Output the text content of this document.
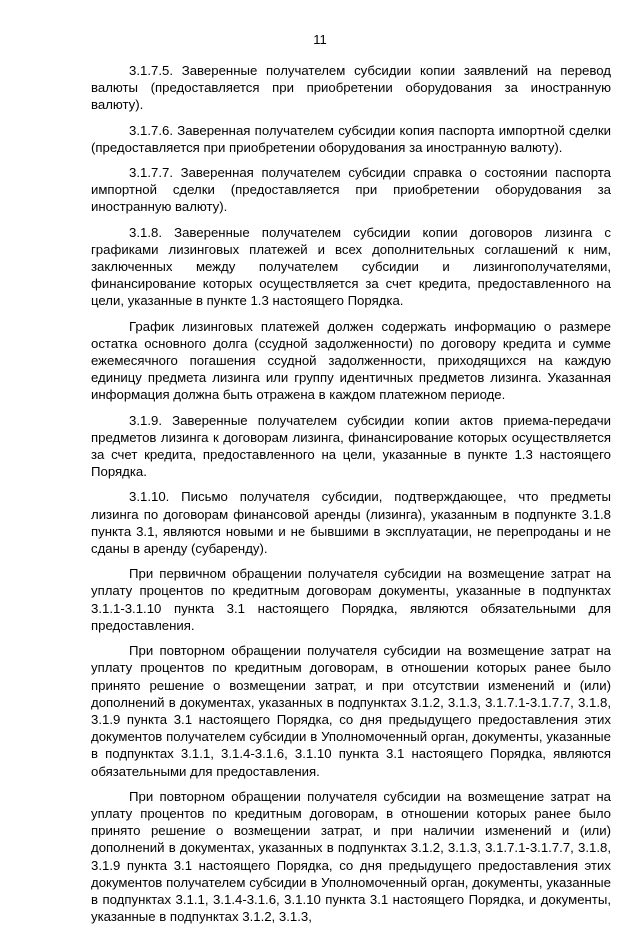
11

3.1.7.5. Заверенные получателем субсидии копии заявлений на перевод валюты (предоставляется при приобретении оборудования за иностранную валюту).

3.1.7.6. Заверенная получателем субсидии копия паспорта импортной сделки (предоставляется при приобретении оборудования за иностранную валюту).

3.1.7.7. Заверенная получателем субсидии справка о состоянии паспорта импортной сделки (предоставляется при приобретении оборудования за иностранную валюту).

3.1.8. Заверенные получателем субсидии копии договоров лизинга с графиками лизинговых платежей и всех дополнительных соглашений к ним, заключенных между получателем субсидии и лизингополучателями, финансирование которых осуществляется за счет кредита, предоставленного на цели, указанные в пункте 1.3 настоящего Порядка.

График лизинговых платежей должен содержать информацию о размере остатка основного долга (ссудной задолженности) по договору кредита и сумме ежемесячного погашения ссудной задолженности, приходящихся на каждую единицу предмета лизинга или группу идентичных предметов лизинга. Указанная информация должна быть отражена в каждом платежном периоде.

3.1.9. Заверенные получателем субсидии копии актов приема-передачи предметов лизинга к договорам лизинга, финансирование которых осуществляется за счет кредита, предоставленного на цели, указанные в пункте 1.3 настоящего Порядка.

3.1.10. Письмо получателя субсидии, подтверждающее, что предметы лизинга по договорам финансовой аренды (лизинга), указанным в подпункте 3.1.8 пункта 3.1, являются новыми и не бывшими в эксплуатации, не перепроданы и не сданы в аренду (субаренду).

При первичном обращении получателя субсидии на возмещение затрат на уплату процентов по кредитным договорам документы, указанные в подпунктах 3.1.1-3.1.10 пункта 3.1 настоящего Порядка, являются обязательными для предоставления.

При повторном обращении получателя субсидии на возмещение затрат на уплату процентов по кредитным договорам, в отношении которых ранее было принято решение о возмещении затрат, и при отсутствии изменений и (или) дополнений в документах, указанных в подпунктах 3.1.2, 3.1.3, 3.1.7.1-3.1.7.7, 3.1.8, 3.1.9 пункта 3.1 настоящего Порядка, со дня предыдущего предоставления этих документов получателем субсидии в Уполномоченный орган, документы, указанные в подпунктах 3.1.1, 3.1.4-3.1.6, 3.1.10 пункта 3.1 настоящего Порядка, являются обязательными для предоставления.

При повторном обращении получателя субсидии на возмещение затрат на уплату процентов по кредитным договорам, в отношении которых ранее было принято решение о возмещении затрат, и при наличии изменений и (или) дополнений в документах, указанных в подпунктах 3.1.2, 3.1.3, 3.1.7.1-3.1.7.7, 3.1.8, 3.1.9 пункта 3.1 настоящего Порядка, со дня предыдущего предоставления этих документов получателем субсидии в Уполномоченный орган, документы, указанные в подпунктах 3.1.1, 3.1.4-3.1.6, 3.1.10 пункта 3.1 настоящего Порядка, и документы, указанные в подпунктах 3.1.2, 3.1.3,
